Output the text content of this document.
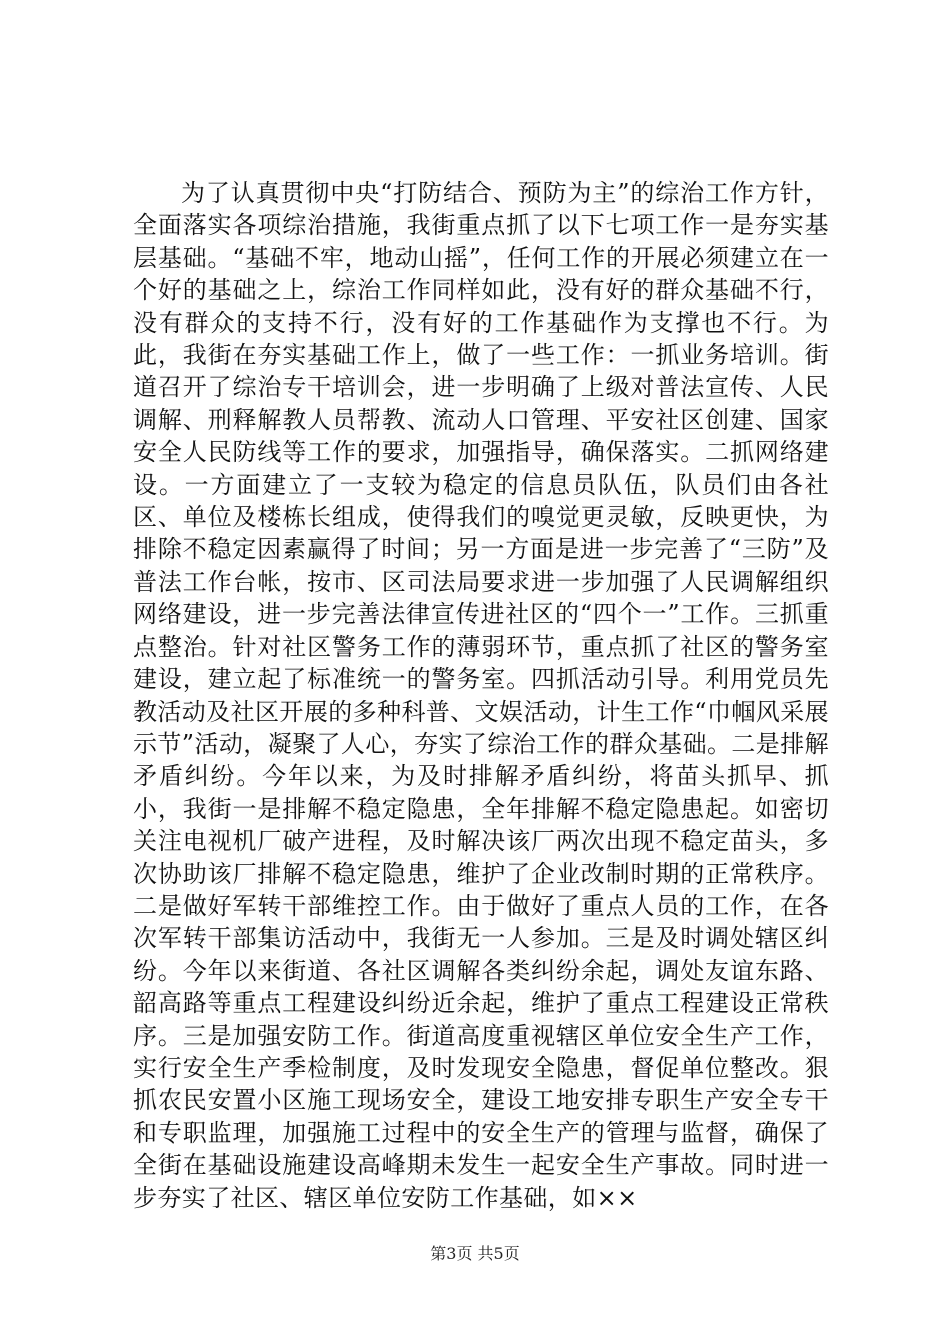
为了认真贯彻中央“打防结合、预防为主”的综治工作方针，全面落实各项综治措施，我街重点抓了以下七项工作一是夯实基层基础。“基础不牢，地动山摇”，任何工作的开展必须建立在一个好的基础之上，综治工作同样如此，没有好的群众基础不行，没有群众的支持不行，没有好的工作基础作为支撑也不行。为此，我街在夯实基础工作上，做了一些工作：一抓业务培训。街道召开了综治专干培训会，进一步明确了上级对普法宣传、人民调解、刑释解教人员帮教、流动人口管理、平安社区创建、国家安全人民防线等工作的要求，加强指导，确保落实。二抓网络建设。一方面建立了一支较为稳定的信息员队伍，队员们由各社区、单位及楼栋长组成，使得我们的嗅觉更灵敏，反映更快，为排除不稳定因素赢得了时间；另一方面是进一步完善了“三防”及普法工作台帐，按市、区司法局要求进一步加强了人民调解组织网络建设，进一步完善法律宣传进社区的“四个一”工作。三抓重点整治。针对社区警务工作的薄弱环节，重点抓了社区的警务室建设，建立起了标准统一的警务室。四抓活动引导。利用党员先教活动及社区开展的多种科普、文娱活动，计生工作“巾帼风采展示节”活动，凝聚了人心，夯实了综治工作的群众基础。二是排解矛盾纠纷。今年以来，为及时排解矛盾纠纷，将苗头抓早、抓小，我街一是排解不稳定隐患，全年排解不稳定隐患起。如密切关注电视机厂破产进程，及时解决该厂两次出现不稳定苗头，多次协助该厂排解不稳定隐患，维护了企业改制时期的正常秩序。二是做好军转干部维控工作。由于做好了重点人员的工作，在各次军转干部集访活动中，我街无一人参加。三是及时调处辖区纠纷。今年以来街道、各社区调解各类纠纷余起，调处友谊东路、韶高路等重点工程建设纠纷近余起，维护了重点工程建设正常秩序。三是加强安防工作。街道高度重视辖区单位安全生产工作，实行安全生产季检制度，及时发现安全隐患，督促单位整改。狠抓农民安置小区施工现场安全，建设工地安排专职生产安全专干和专职监理，加强施工过程中的安全生产的管理与监督，确保了全街在基础设施建设高峰期未发生一起安全生产事故。同时进一步夯实了社区、辖区单位安防工作基础，如××

第3页 共5页
